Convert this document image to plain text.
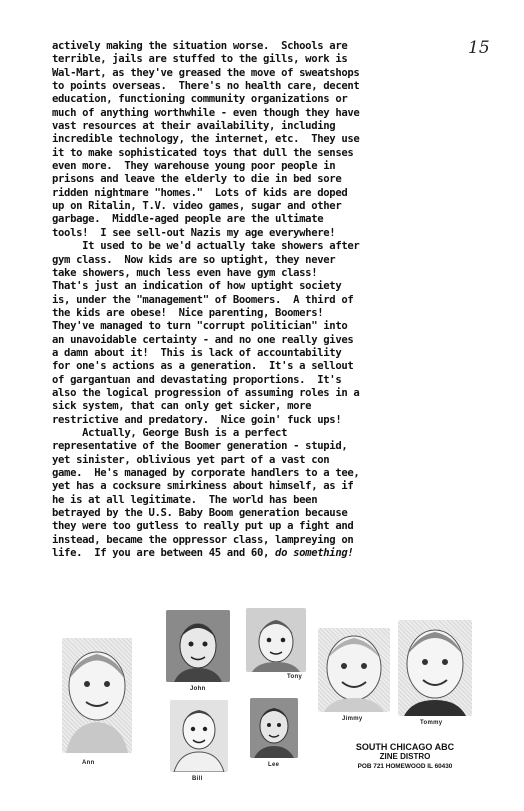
15
actively making the situation worse.  Schools are
terrible, jails are stuffed to the gills, work is
Wal-Mart, as they've greased the move of sweatshops
to points overseas.  There's no health care, decent
education, functioning community organizations or
much of anything worthwhile - even though they have
vast resources at their availability, including
incredible technology, the internet, etc.  They use
it to make sophisticated toys that dull the senses
even more.  They warehouse young poor people in
prisons and leave the elderly to die in bed sore
ridden nightmare "homes."  Lots of kids are doped
up on Ritalin, T.V. video games, sugar and other
garbage.  Middle-aged people are the ultimate
tools!  I see sell-out Nazis my age everywhere!
It used to be we'd actually take showers after
gym class.  Now kids are so uptight, they never
take showers, much less even have gym class!
That's just an indication of how uptight society
is, under the "management" of Boomers.  A third of
the kids are obese!  Nice parenting, Boomers!
They've managed to turn "corrupt politician" into
an unavoidable certainty - and no one really gives
a damn about it!  This is lack of accountability
for one's actions as a generation.  It's a sellout
of gargantuan and devastating proportions.  It's
also the logical progression of assuming roles in a
sick system, that can only get sicker, more
restrictive and predatory.  Nice goin' fuck ups!
Actually, George Bush is a perfect
representative of the Boomer generation - stupid,
yet sinister, oblivious yet part of a vast con
game.  He's managed by corporate handlers to a tee,
yet has a cocksure smirkiness about himself, as if
he is at all legitimate.  The world has been
betrayed by the U.S. Baby Boom generation because
they were too gutless to really put up a fight and
instead, became the oppressor class, lampreying on
life.  If you are between 45 and 60, do something!
Ann
John
Tony
Bill
Lee
Jimmy
Tommy
SOUTH CHICAGO ABC
ZINE DISTRO
POB 721 HOMEWOOD IL 60430
